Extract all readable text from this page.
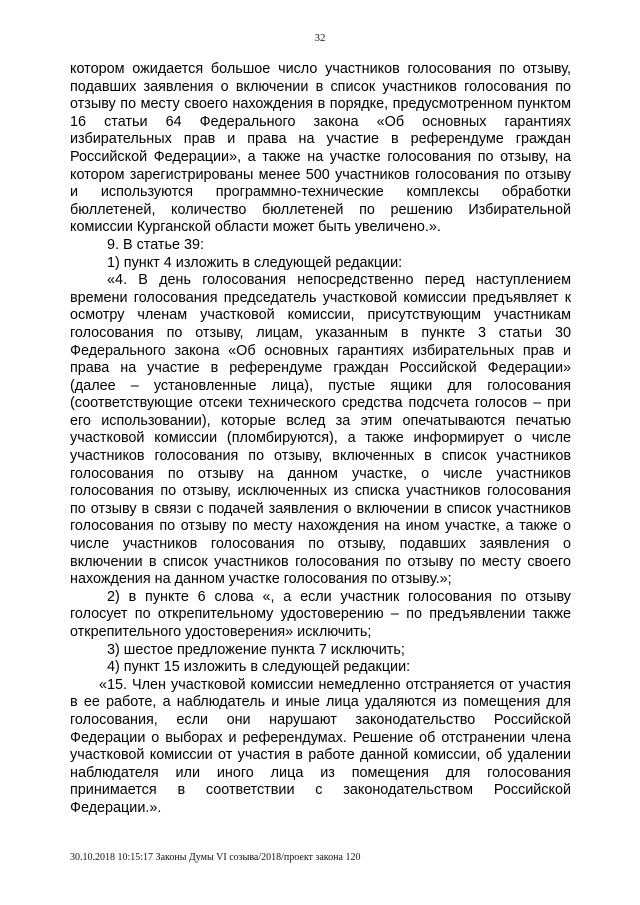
32

котором ожидается большое число участников голосования по отзыву, подавших заявления о включении в список участников голосования по отзыву по месту своего нахождения в порядке, предусмотренном пунктом 16 статьи 64 Федерального закона «Об основных гарантиях избирательных прав и права на участие в референдуме граждан Российской Федерации», а также на участке голосования по отзыву, на котором зарегистрированы менее 500 участников голосования по отзыву и используются программно-технические комплексы обработки бюллетеней, количество бюллетеней по решению Избирательной комиссии Курганской области может быть увеличено.».

9. В статье 39:

1) пункт 4 изложить в следующей редакции:

«4. В день голосования непосредственно перед наступлением времени голосования председатель участковой комиссии предъявляет к осмотру членам участковой комиссии, присутствующим участникам голосования по отзыву, лицам, указанным в пункте 3 статьи 30 Федерального закона «Об основных гарантиях избирательных прав и права на участие в референдуме граждан Российской Федерации» (далее – установленные лица), пустые ящики для голосования (соответствующие отсеки технического средства подсчета голосов – при его использовании), которые вслед за этим опечатываются печатью участковой комиссии (пломбируются), а также информирует о числе участников голосования по отзыву, включенных в список участников голосования по отзыву на данном участке, о числе участников голосования по отзыву, исключенных из списка участников голосования по отзыву в связи с подачей заявления о включении в список участников голосования по отзыву по месту нахождения на ином участке, а также о числе участников голосования по отзыву, подавших заявления о включении в список участников голосования по отзыву по месту своего нахождения на данном участке голосования по отзыву.»;

2) в пункте 6 слова «, а если участник голосования по отзыву голосует по открепительному удостоверению – по предъявлении также открепительного удостоверения» исключить;

3) шестое предложение пункта 7 исключить;

4) пункт 15 изложить в следующей редакции:

«15. Член участковой комиссии немедленно отстраняется от участия в ее работе, а наблюдатель и иные лица удаляются из помещения для голосования, если они нарушают законодательство Российской Федерации о выборах и референдумах. Решение об отстранении члена участковой комиссии от участия в работе данной комиссии, об удалении наблюдателя или иного лица из помещения для голосования принимается в соответствии с законодательством Российской Федерации.».

30.10.2018 10:15:17 Законы Думы VI созыва/2018/проект закона 120
